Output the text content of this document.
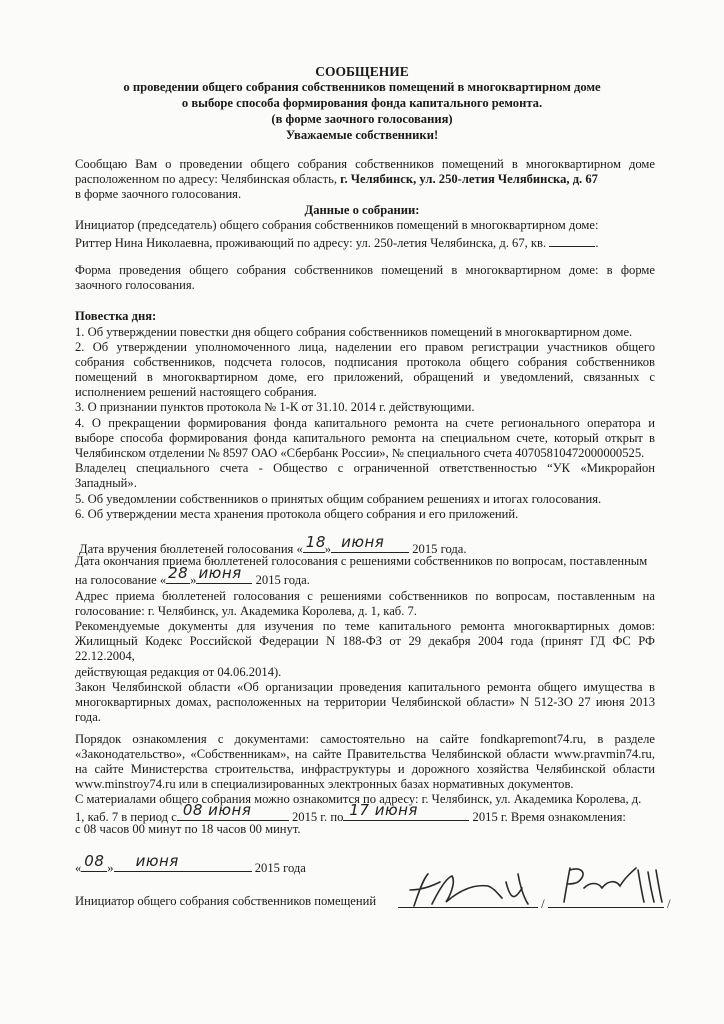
СООБЩЕНИЕ
о проведении общего собрания собственников помещений в многоквартирном доме
о выборе способа формирования фонда капитального ремонта.
(в форме заочного голосования)
Уважаемые собственники!
Сообщаю Вам о проведении общего собрания собственников помещений в многоквартирном доме
расположенном по адресу: Челябинская область, г. Челябинск, ул. 250-летия Челябинска, д. 67
в форме заочного голосования.
Данные о собрании:
Инициатор (председатель) общего собрания собственников помещений в многоквартирном доме:
Риттер Нина Николаевна, проживающий по адресу: ул. 250-летия Челябинска, д. 67, кв.	.
Форма проведения общего собрания собственников помещений в многоквартирном доме: в форме
заочного голосования.
Повестка дня:
1. Об утверждении повестки дня общего собрания собственников помещений в многоквартирном доме.
2. Об утверждении уполномоченного лица, наделении его правом регистрации участников общего
собрания собственников, подсчета голосов, подписания протокола общего собрания собственников
помещений в многоквартирном доме, его приложений, обращений и уведомлений, связанных с
исполнением решений настоящего собрания.
3. О признании пунктов протокола № 1-К от 31.10. 2014 г. действующими.
4. О прекращении формирования фонда капитального ремонта на счете регионального оператора и
выборе способа формирования фонда капитального ремонта на специальном счете, который открыт в
Челябинском отделении № 8597 ОАО «Сбербанк России», № специального счета 40705810472000000525.
Владелец специального счета - Общество с ограниченной ответственностью “УК «Микрорайон
Западный».
5. Об уведомлении собственников о принятых общим собранием решениях и итогах голосования.
6. Об утверждении места хранения протокола общего собрания и его приложений.
Дата вручения бюллетеней голосования « 18
» июня 2015 года.
Дата окончания приема бюллетеней голосования с решениями собственников по вопросам, поставленным
на голосование « 28 » июня 2015 года.
Адрес приема бюллетеней голосования с решениями собственников по вопросам, поставленным на
голосование: г. Челябинск, ул. Академика Королева, д. 1, каб. 7.
Рекомендуемые документы для изучения по теме капитального ремонта многоквартирных домов:
Жилищный Кодекс Российской Федерации N 188-ФЗ от 29 декабря 2004 года (принят ГД ФС РФ
22.12.2004,
действующая редакция от 04.06.2014).
Закон Челябинской области «Об организации проведения капитального ремонта общего имущества в
многоквартирных домах, расположенных на территории Челябинской области» N 512-ЗО 27 июня 2013
года.
Порядок ознакомления с документами: самостоятельно на сайте fondkapremont74.ru, в разделе
«Законодательство», «Собственникам», на сайте Правительства Челябинской области www.pravmin74.ru,
на сайте Министерства строительства, инфраструктуры и дорожного хозяйства Челябинской области
www.minstroy74.ru или в специализированных электронных базах нормативных документов.
С материалами общего собрания можно ознакомится по адресу: г. Челябинск, ул. Академика Королева, д.
1, каб. 7 в период с 08 июня	2015 г. по 17 июня	2015 г. Время ознакомления:
с 08 часов 00 минут по 18 часов 00 минут.
« 08 » июня	2015 года
Инициатор общего собрания собственников помещений	/	/
